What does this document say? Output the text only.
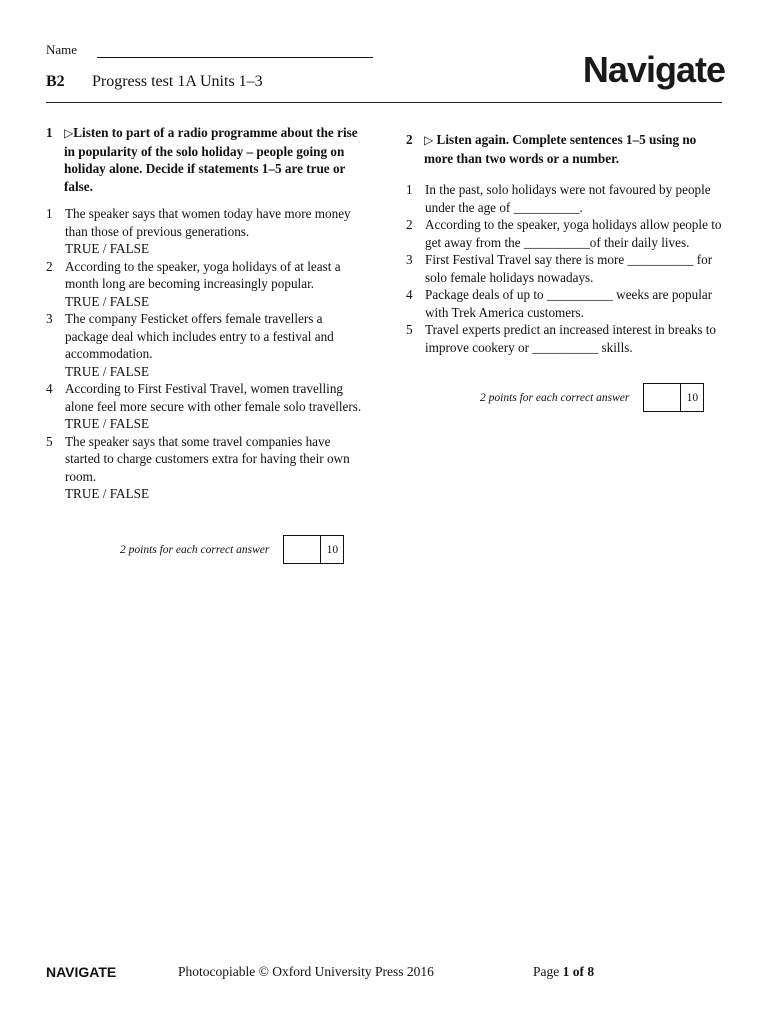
Name
B2 Progress test 1A Units 1–3	Navigate
1 ▷Listen to part of a radio programme about the rise in popularity of the solo holiday – people going on holiday alone. Decide if statements 1–5 are true or false.
1 The speaker says that women today have more money than those of previous generations.
TRUE / FALSE
2 According to the speaker, yoga holidays of at least a month long are becoming increasingly popular.
TRUE / FALSE
3 The company Festicket offers female travellers a package deal which includes entry to a festival and accommodation.
TRUE / FALSE
4 According to First Festival Travel, women travelling alone feel more secure with other female solo travellers.
TRUE / FALSE
5 The speaker says that some travel companies have started to charge customers extra for having their own room.
TRUE / FALSE
2 points for each correct answer	10
2 ▷ Listen again. Complete sentences 1–5 using no more than two words or a number.
1 In the past, solo holidays were not favoured by people under the age of __________.
2 According to the speaker, yoga holidays allow people to get away from the __________of their daily lives.
3 First Festival Travel say there is more __________ for solo female holidays nowadays.
4 Package deals of up to __________ weeks are popular with Trek America customers.
5 Travel experts predict an increased interest in breaks to improve cookery or __________ skills.
2 points for each correct answer	10
NAVIGATE	Photocopiable © Oxford University Press 2016	Page 1 of 8
